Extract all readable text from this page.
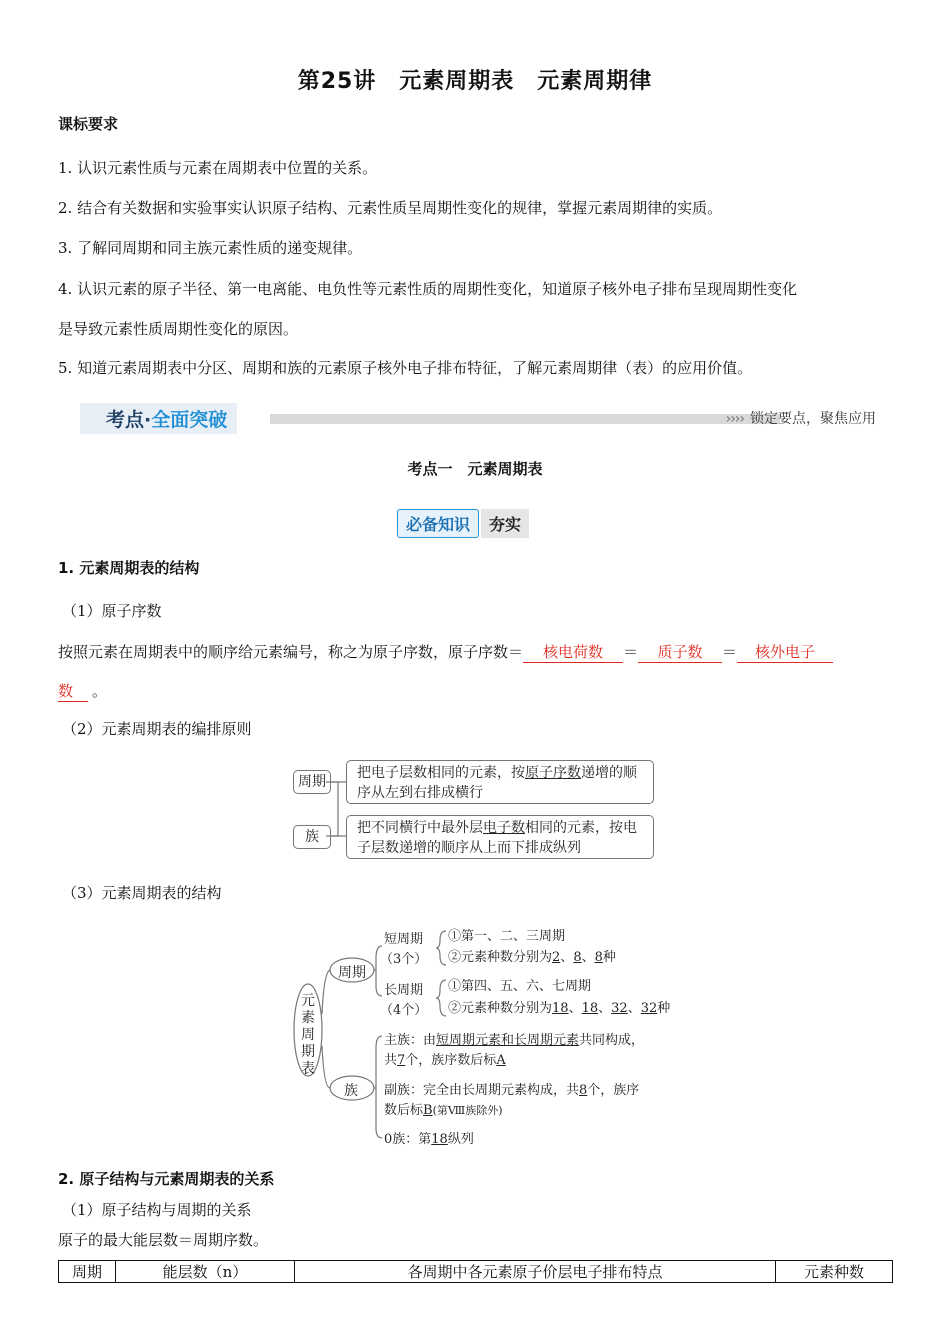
第25讲　元素周期表　元素周期律
课标要求
1. 认识元素性质与元素在周期表中位置的关系。
2. 结合有关数据和实验事实认识原子结构、元素性质呈周期性变化的规律，掌握元素周期律的实质。
3. 了解同周期和同主族元素性质的递变规律。
4. 认识元素的原子半径、第一电离能、电负性等元素性质的周期性变化，知道原子核外电子排布呈现周期性变化
是导致元素性质周期性变化的原因。
5. 知道元素周期表中分区、周期和族的元素原子核外电子排布特征，了解元素周期律（表）的应用价值。
考点·全面突破	›››› 锁定要点，聚焦应用
考点一　元素周期表
必备知识	夯实
1. 元素周期表的结构
（1）原子序数
按照元素在周期表中的顺序给元素编号，称之为原子序数，原子序数＝ 核电荷数 ＝ 质子数 ＝ 核外电子
数 。
（2）元素周期表的编排原则
周期
族
把电子层数相同的元素，按原子序数递增的顺
序从左到右排成横行
把不同横行中最外层电子数相同的元素，按电
子层数递增的顺序从上而下排成纵列
（3）元素周期表的结构
元素周期表
周期
族
短周期
（3个）
①第一、二、三周期
②元素种数分别为2、8、8种
长周期
（4个）
①第四、五、六、七周期
②元素种数分别为18、18、32、32种
主族：由短周期元素和长周期元素共同构成，
共7个，族序数后标A
副族：完全由长周期元素构成，共8个，族序
数后标B(第Ⅷ族除外)
0族：第18纵列
2. 原子结构与元素周期表的关系
（1）原子结构与周期的关系
原子的最大能层数＝周期序数。
周期	能层数（n）	各周期中各元素原子价层电子排布特点	元素种数
